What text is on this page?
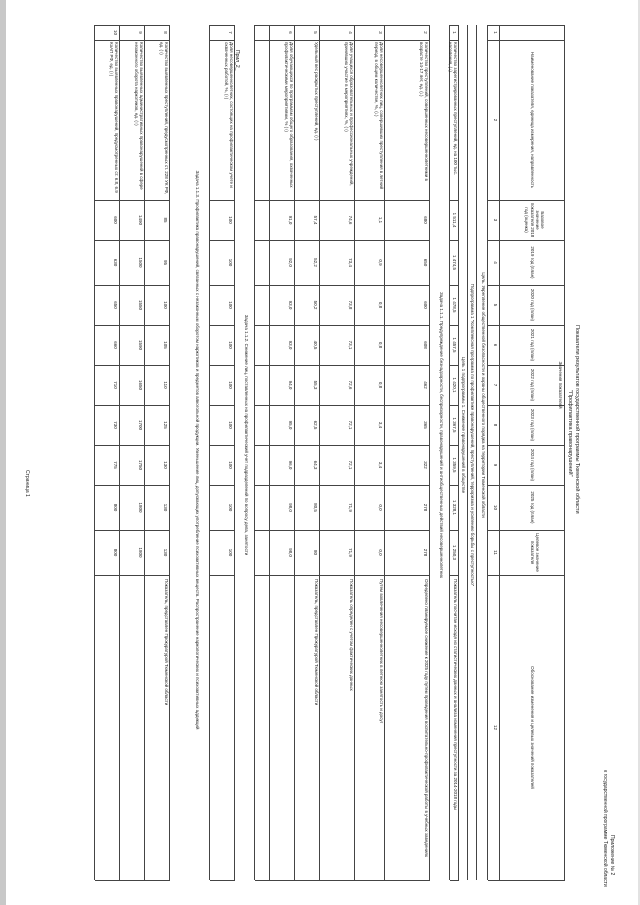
Прил_2_
Приложение № 2
к государственной программе Тюменской области
Показатели результатов государственной программы Тюменской области
"Профилактика правонарушений"
Страница 1
Наименование показателя, единица измерения, направленность
Базовое значение показателя 2018 год (оценка)
Значения показателей
2019 год (план)
2020 год (план)
2021 год (план)
2022 год (план)
2023 год (план)
2024 год (план)
2025 год (план)
Целевое значение показателя
Обоснование изменения и целевых значений показателей
1
2
3
4
5
6
7
8
9
10
11
12
Цель. Укрепление общественной безопасности и охраны общественного порядка на территории Тюменской области
Подпрограмма 1 "Комплексная программа по профилактике правонарушений, преступлений, терроризма и усилению борьбы с преступностью"
Цель 1 подпрограммы 1. Снижение правонарушений в обществе
Задача 1.1.1. Предупреждение безнадзорности, беспризорности, правонарушений и антиобщественных действий несовершеннолетних
Задача 1.1.2. Снижение лиц, поставленных на профилактический учет подразделений по вопросу дела, занятости
Задача 1.1.3. Профилактика правонарушений, связанных с незаконным оборотом наркотиков и предметов алкогольной продукции. Уменьшение лиц, допускающих употребление психоактивных веществ. Распространение наркологических и психоактивных аддикций
1
Количество зарегистрированных преступлений, ед. на 100 тыс. населения, (↓)
1 511,4
1 474,5
1 478,5
1 457,5
1 420,1
1 367,5
1 359,5
1 328,1
1 250,3
Показатель посчитан исходя из статистических данных и анализа изменения преступности за 2014-2018 годы
2
Количество преступлений, совершенных несовершеннолетними в возрасте 14-17 лет, ед. (↓)
680
650
600
608
462
365
322
278
278
Определено планируемое снижение к 2025 году путем проведения воспитательно-профилактической работы в учебных заведениях
3
Доля несовершеннолетних лиц, совершивших преступления в летний период, в общем количестве, %, (↓)
1,1
0,9
0,8
0,8
0,8
3,4
3,4
0,0
0,0
Путем вовлечения несовершеннолетних в летнюю занятость и досуг
4
Доля учащихся образовательных и профессиональных учреждений, принявших участие в мероприятиях, %, (↑)
74,6
73,4
73,8
73,1
72,6
72,1
72,1
71,9
71,9
Показатель определен с учетом фактических данных
5
Удельный вес раскрытых преступлений, ед. (↑)
57,4
52,2
50,2
40,5
55,3
62,5
64,3
80,5
80
Показатель, представлен Прокуратурой Тюменской области
6
Доля обучающихся по программам общего образования, охваченных профилактическими мероприятиями, % (↑)
91,0
92,0
93,0
93,0
94,0
95,0
96,0
98,0
98,0
7
Доля несовершеннолетних, состоящих на профилактическом учете и охваченных работой, %, (↑)
100
100
100
100
100
100
100
100
100
8
Количество выявленных преступлений, предусмотренных ст. 228 УК РФ, ед. (↑)
85
95
100
105
110
125
130
130
130
Показатель, представлен Прокуратурой Тюменской области
9
Количество выявленных административных правонарушений в сфере незаконного оборота наркотиков, ед. (↑)
1490
1500
1550
1590
1650
1700
1750
1800
1800
10
Количество выявленных правонарушений, предусмотренных ст. 6.8, 6.9 КоАП РФ, ед. (↑)
600
630
650
660
710
730
775
800
800
